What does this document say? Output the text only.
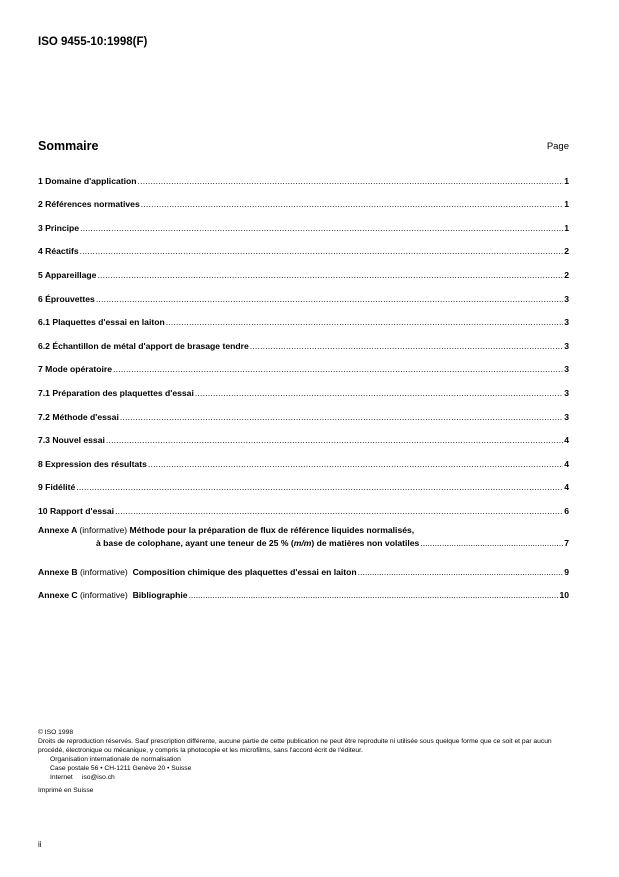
ISO 9455-10:1998(F)
Sommaire	Page
1 Domaine d'application .....	1
2 Références normatives .....	1
3 Principe .....	1
4 Réactifs .....	2
5 Appareillage .....	2
6 Éprouvettes .....	3
6.1 Plaquettes d'essai en laiton .....	3
6.2 Échantillon de métal d'apport de brasage tendre .....	3
7 Mode opératoire .....	3
7.1 Préparation des plaquettes d'essai .....	3
7.2 Méthode d'essai .....	3
7.3 Nouvel essai .....	4
8 Expression des résultats .....	4
9 Fidélité .....	4
10 Rapport d'essai .....	6
Annexe A (informative) Méthode pour la préparation de flux de référence liquides normalisés,
à base de colophane, ayant une teneur de 25 % (m/m) de matières non volatiles .....	7
Annexe B
(informative)
Composition chimique des plaquettes d'essai en laiton .....	9
Annexe C
(informative)
Bibliographie .....	10
© ISO 1998
Droits de reproduction réservés. Sauf prescription différente, aucune partie de cette publication ne peut être reproduite ni utilisée sous quelque forme que ce soit et par aucun procédé, électronique ou mécanique, y compris la photocopie et les microfilms, sans l'accord écrit de l'éditeur.
Organisation internationale de normalisation
Case postale 56 • CH-1211 Genève 20 • Suisse
Internet     iso@iso.ch
Imprimé en Suisse
ii
